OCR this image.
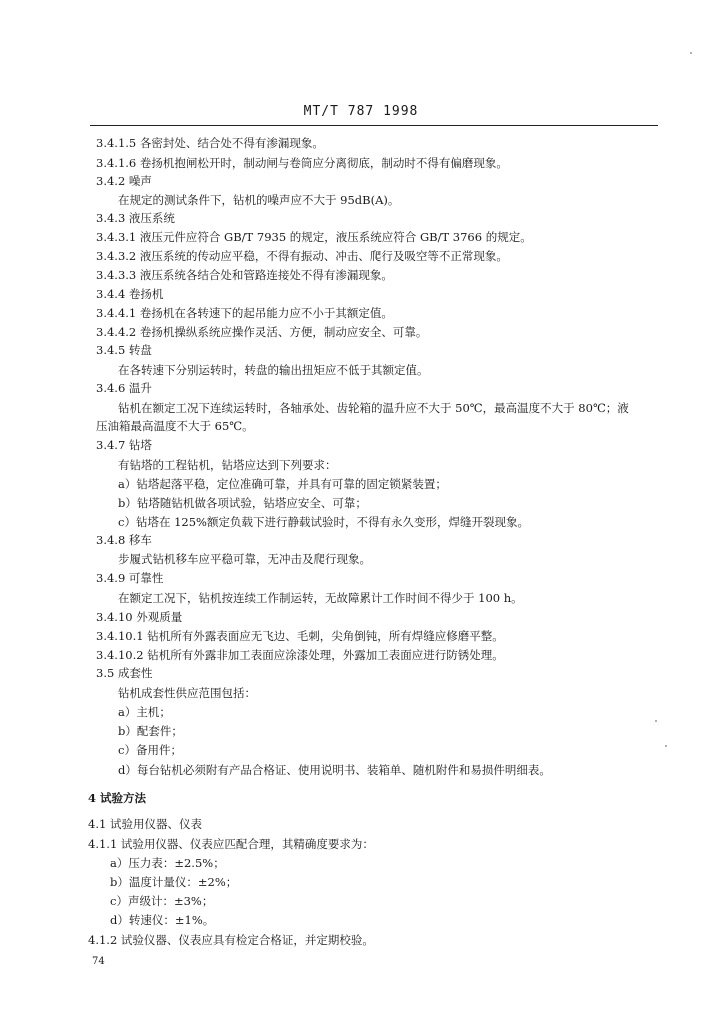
MT/T 787 1998
3.4.1.5 各密封处、结合处不得有渗漏现象。
3.4.1.6 卷扬机抱闸松开时，制动闸与卷筒应分离彻底，制动时不得有偏磨现象。
3.4.2 噪声
在规定的测试条件下，钻机的噪声应不大于 95dB(A)。
3.4.3 液压系统
3.4.3.1 液压元件应符合 GB/T 7935 的规定，液压系统应符合 GB/T 3766 的规定。
3.4.3.2 液压系统的传动应平稳，不得有振动、冲击、爬行及吸空等不正常现象。
3.4.3.3 液压系统各结合处和管路连接处不得有渗漏现象。
3.4.4 卷扬机
3.4.4.1 卷扬机在各转速下的起吊能力应不小于其额定值。
3.4.4.2 卷扬机操纵系统应操作灵活、方便，制动应安全、可靠。
3.4.5 转盘
在各转速下分别运转时，转盘的输出扭矩应不低于其额定值。
3.4.6 温升
钻机在额定工况下连续运转时，各轴承处、齿轮箱的温升应不大于 50℃，最高温度不大于 80℃；液
压油箱最高温度不大于 65℃。
3.4.7 钻塔
有钻塔的工程钻机，钻塔应达到下列要求：
a）钻塔起落平稳，定位准确可靠，并具有可靠的固定锁紧装置；
b）钻塔随钻机做各项试验，钻塔应安全、可靠；
c）钻塔在 125%额定负载下进行静载试验时，不得有永久变形，焊缝开裂现象。
3.4.8 移车
步履式钻机移车应平稳可靠，无冲击及爬行现象。
3.4.9 可靠性
在额定工况下，钻机按连续工作制运转，无故障累计工作时间不得少于 100 h。
3.4.10 外观质量
3.4.10.1 钻机所有外露表面应无飞边、毛刺，尖角倒钝，所有焊缝应修磨平整。
3.4.10.2 钻机所有外露非加工表面应涂漆处理，外露加工表面应进行防锈处理。
3.5 成套性
钻机成套性供应范围包括：
a）主机；
b）配套件；
c）备用件；
d）每台钻机必须附有产品合格证、使用说明书、装箱单、随机附件和易损件明细表。
4 试验方法
4.1 试验用仪器、仪表
4.1.1 试验用仪器、仪表应匹配合理，其精确度要求为：
a）压力表：±2.5%；
b）温度计量仪：±2%；
c）声级计：±3%；
d）转速仪：±1%。
4.1.2 试验仪器、仪表应具有检定合格证，并定期校验。
74
